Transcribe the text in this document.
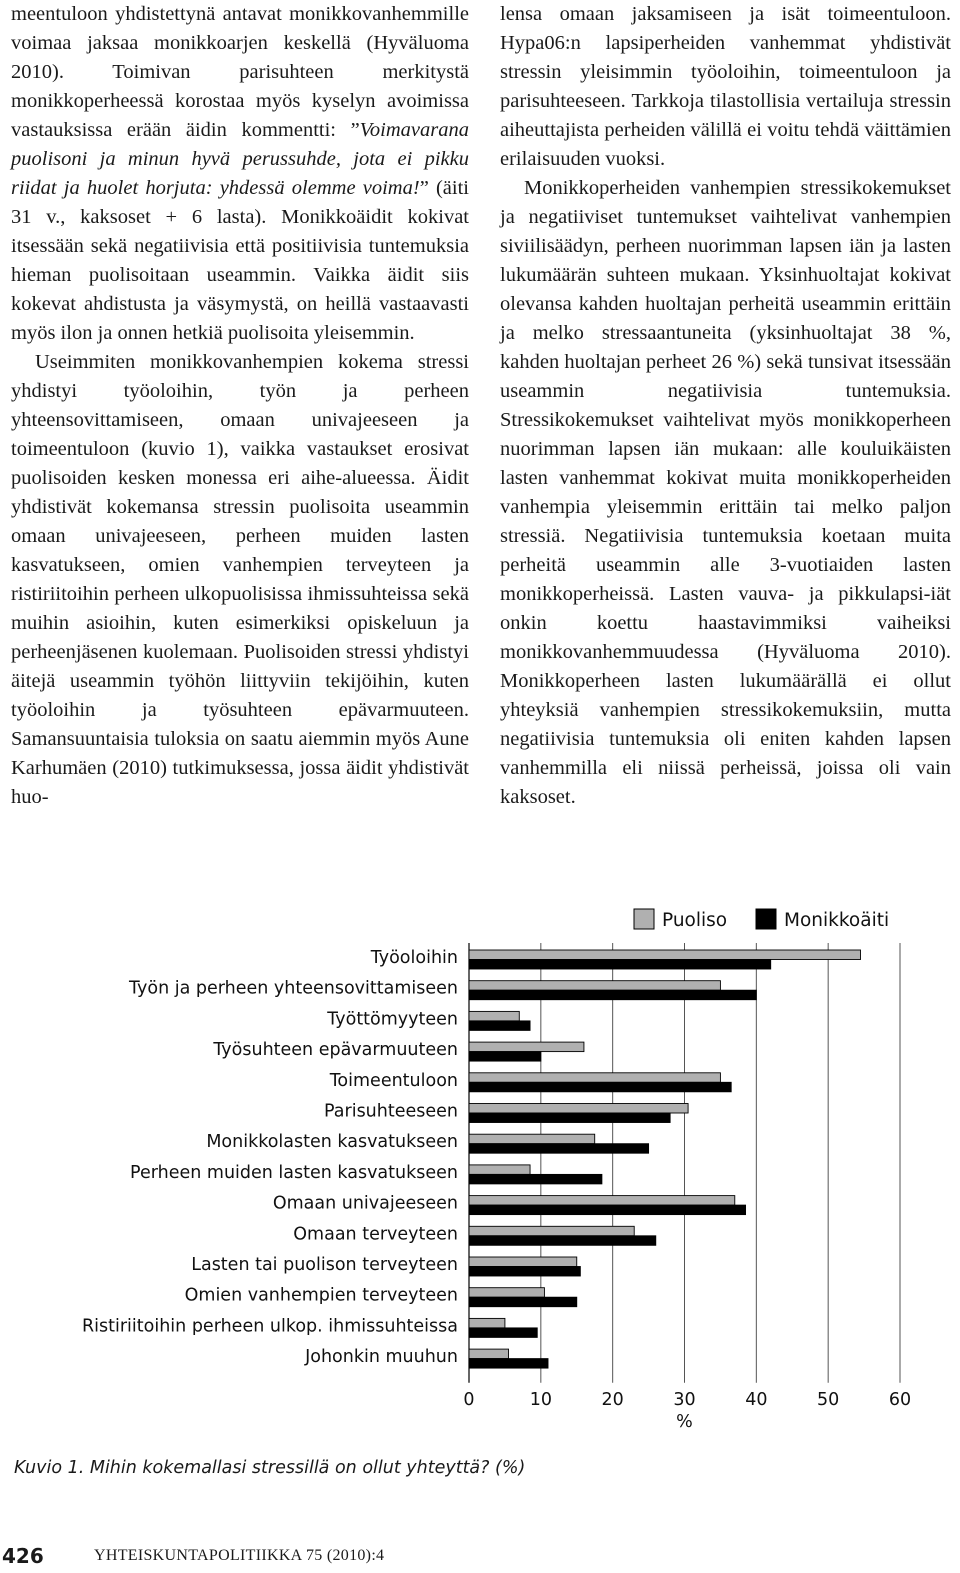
meentuloon yhdistettynä antavat monikkovanhemmille voimaa jaksaa monikkoarjen keskellä (Hyväluoma 2010). Toimivan parisuhteen merkitystä monikkoperheessä korostaa myös kyselyn avoimissa vastauksissa erään äidin kommentti: ”Voimavarana puolisoni ja minun hyvä perussuhde, jota ei pikku riidat ja huolet horjuta: yhdessä olemme voima!” (äiti 31 v., kaksoset + 6 lasta). Monikkoäidit kokivat itsessään sekä negatiivisia että positiivisia tuntemuksia hieman puolisoitaan useammin. Vaikka äidit siis kokevat ahdistusta ja väsymystä, on heillä vastaavasti myös ilon ja onnen hetkiä puolisoita yleisemmin.

Useimmiten monikkovanhempien kokema stressi yhdistyi työoloihin, työn ja perheen yhteensovittamiseen, omaan univajeeseen ja toimeentuloon (kuvio 1), vaikka vastaukset erosivat puolisoiden kesken monessa eri aihe-alueessa. Äidit yhdistivät kokemansa stressin puolisoita useammin omaan univajeeseen, perheen muiden lasten kasvatukseen, omien vanhempien terveyteen ja ristiriitoihin perheen ulkopuolisissa ihmissuhteissa sekä muihin asioihin, kuten esimerkiksi opiskeluun ja perheenjäsenen kuolemaan. Puolisoiden stressi yhdistyi äitejä useammin työhön liittyviin tekijöihin, kuten työoloihin ja työsuhteen epävarmuuteen. Samansuuntaisia tuloksia on saatu aiemmin myös Aune Karhumäen (2010) tutkimuksessa, jossa äidit yhdistivät huo-

lensa omaan jaksamiseen ja isät toimeentuloon. Hypa06:n lapsiperheiden vanhemmat yhdistivät stressin yleisimmin työoloihin, toimeentuloon ja parisuhteeseen. Tarkkoja tilastollisia vertailuja stressin aiheuttajista perheiden välillä ei voitu tehdä väittämien erilaisuuden vuoksi.

Monikkoperheiden vanhempien stressikokemukset ja negatiiviset tuntemukset vaihtelivat vanhempien siviilisäädyn, perheen nuorimman lapsen iän ja lasten lukumäärän suhteen mukaan. Yksinhuoltajat kokivat olevansa kahden huoltajan perheitä useammin erittäin ja melko stressaantuneita (yksinhuoltajat 38 %, kahden huoltajan perheet 26 %) sekä tunsivat itsessään useammin negatiivisia tuntemuksia. Stressikokemukset vaihtelivat myös monikkoperheen nuorimman lapsen iän mukaan: alle kouluikäisten lasten vanhemmat kokivat muita monikkoperheiden vanhempia yleisemmin erittäin tai melko paljon stressiä. Negatiivisia tuntemuksia koetaan muita perheitä useammin alle 3-vuotiaiden lasten monikkoperheissä. Lasten vauva- ja pikkulapsi-iät onkin koettu haastavimmiksi vaiheiksi monikkovanhemmuudessa (Hyväluoma 2010). Monikkoperheen lasten lukumäärällä ei ollut yhteyksiä vanhempien stressikokemuksiin, mutta negatiivisia tuntemuksia oli eniten kahden lapsen vanhemmilla eli niissä perheissä, joissa oli vain kaksoset.

Työoloihin
Työn ja perheen yhteensovittamiseen
Työttömyyteen
Työsuhteen epävarmuuteen
Toimeentuloon
Parisuhteeseen
Monikkolasten kasvatukseen
Perheen muiden lasten kasvatukseen
Omaan univajeeseen
Omaan terveyteen
Lasten tai puolison terveyteen
Omien vanhempien terveyteen
Ristiriitoihin perheen ulkop. ihmissuhteissa
Johonkin muuhun
0	10	20	30	40	50	60
%
Puoliso	Monikkoäiti
Kuvio 1. Mihin kokemallasi stressillä on ollut yhteyttä? (%)
426	YHTEISKUNTAPOLITIIKKA 75 (2010):4
